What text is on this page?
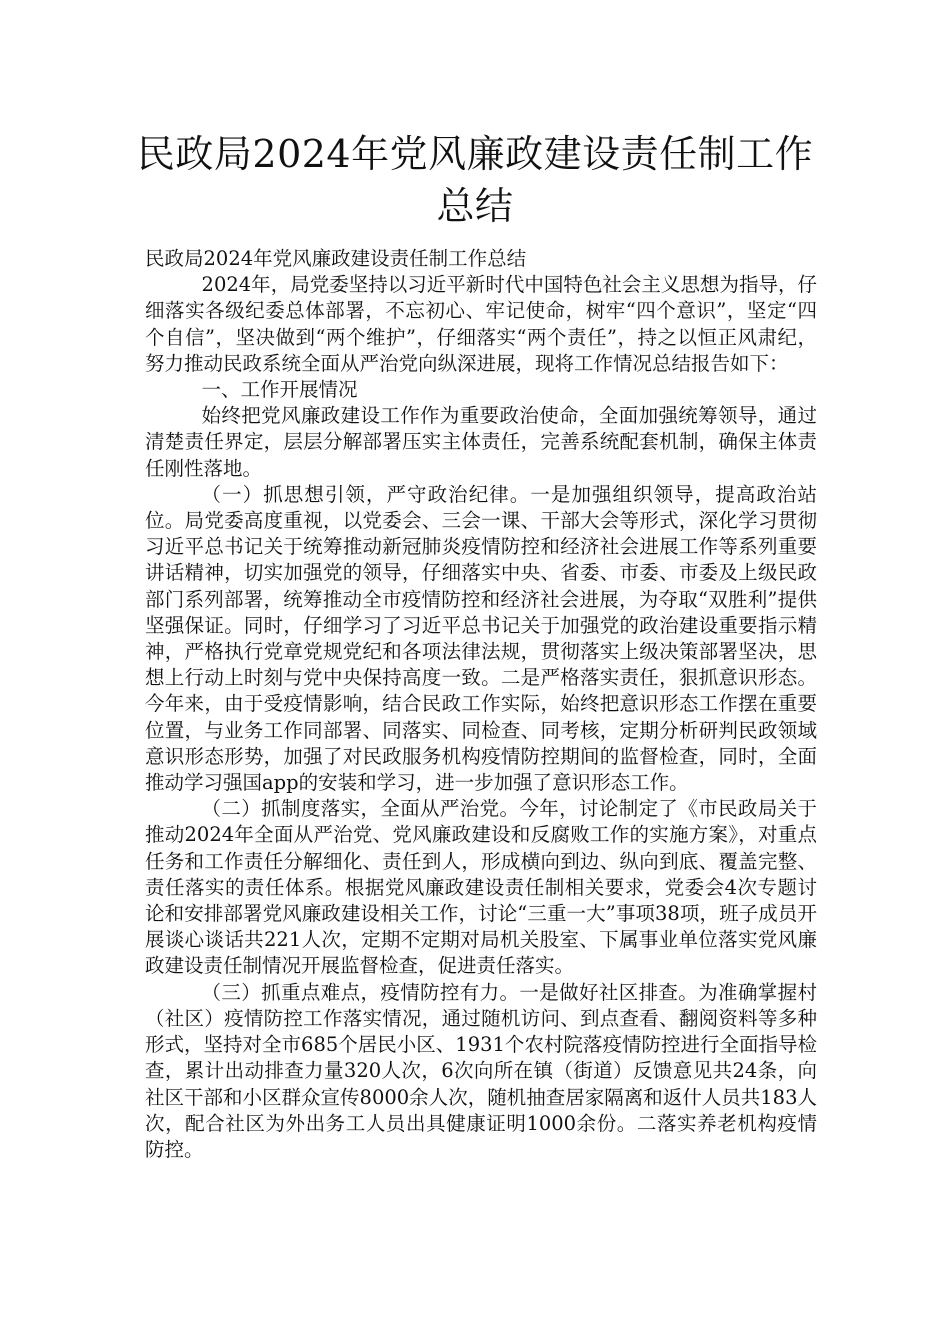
民政局2024年党风廉政建设责任制工作总结

民政局2024年党风廉政建设责任制工作总结

2024年，局党委坚持以习近平新时代中国特色社会主义思想为指导，仔细落实各级纪委总体部署，不忘初心、牢记使命，树牢“四个意识”，坚定“四个自信”，坚决做到“两个维护”，仔细落实“两个责任”，持之以恒正风肃纪，努力推动民政系统全面从严治党向纵深进展，现将工作情况总结报告如下：

一、工作开展情况

始终把党风廉政建设工作作为重要政治使命，全面加强统筹领导，通过清楚责任界定，层层分解部署压实主体责任，完善系统配套机制，确保主体责任刚性落地。

（一）抓思想引领，严守政治纪律。一是加强组织领导，提高政治站位。局党委高度重视，以党委会、三会一课、干部大会等形式，深化学习贯彻习近平总书记关于统筹推动新冠肺炎疫情防控和经济社会进展工作等系列重要讲话精神，切实加强党的领导，仔细落实中央、省委、市委、市委及上级民政部门系列部署，统筹推动全市疫情防控和经济社会进展，为夺取“双胜利”提供坚强保证。同时，仔细学习了习近平总书记关于加强党的政治建设重要指示精神，严格执行党章党规党纪和各项法律法规，贯彻落实上级决策部署坚决，思想上行动上时刻与党中央保持高度一致。二是严格落实责任，狠抓意识形态。今年来，由于受疫情影响，结合民政工作实际，始终把意识形态工作摆在重要位置，与业务工作同部署、同落实、同检查、同考核，定期分析研判民政领域意识形态形势，加强了对民政服务机构疫情防控期间的监督检查，同时，全面推动学习强国app的安装和学习，进一步加强了意识形态工作。

（二）抓制度落实，全面从严治党。今年，讨论制定了《市民政局关于推动2024年全面从严治党、党风廉政建设和反腐败工作的实施方案》，对重点任务和工作责任分解细化、责任到人，形成横向到边、纵向到底、覆盖完整、责任落实的责任体系。根据党风廉政建设责任制相关要求，党委会4次专题讨论和安排部署党风廉政建设相关工作，讨论“三重一大”事项38项，班子成员开展谈心谈话共221人次，定期不定期对局机关股室、下属事业单位落实党风廉政建设责任制情况开展监督检查，促进责任落实。

（三）抓重点难点，疫情防控有力。一是做好社区排查。为准确掌握村（社区）疫情防控工作落实情况，通过随机访问、到点查看、翻阅资料等多种形式，坚持对全市685个居民小区、1931个农村院落疫情防控进行全面指导检查，累计出动排查力量320人次，6次向所在镇（街道）反馈意见共24条，向社区干部和小区群众宣传8000余人次，随机抽查居家隔离和返什人员共183人次，配合社区为外出务工人员出具健康证明1000余份。二落实养老机构疫情防控。
